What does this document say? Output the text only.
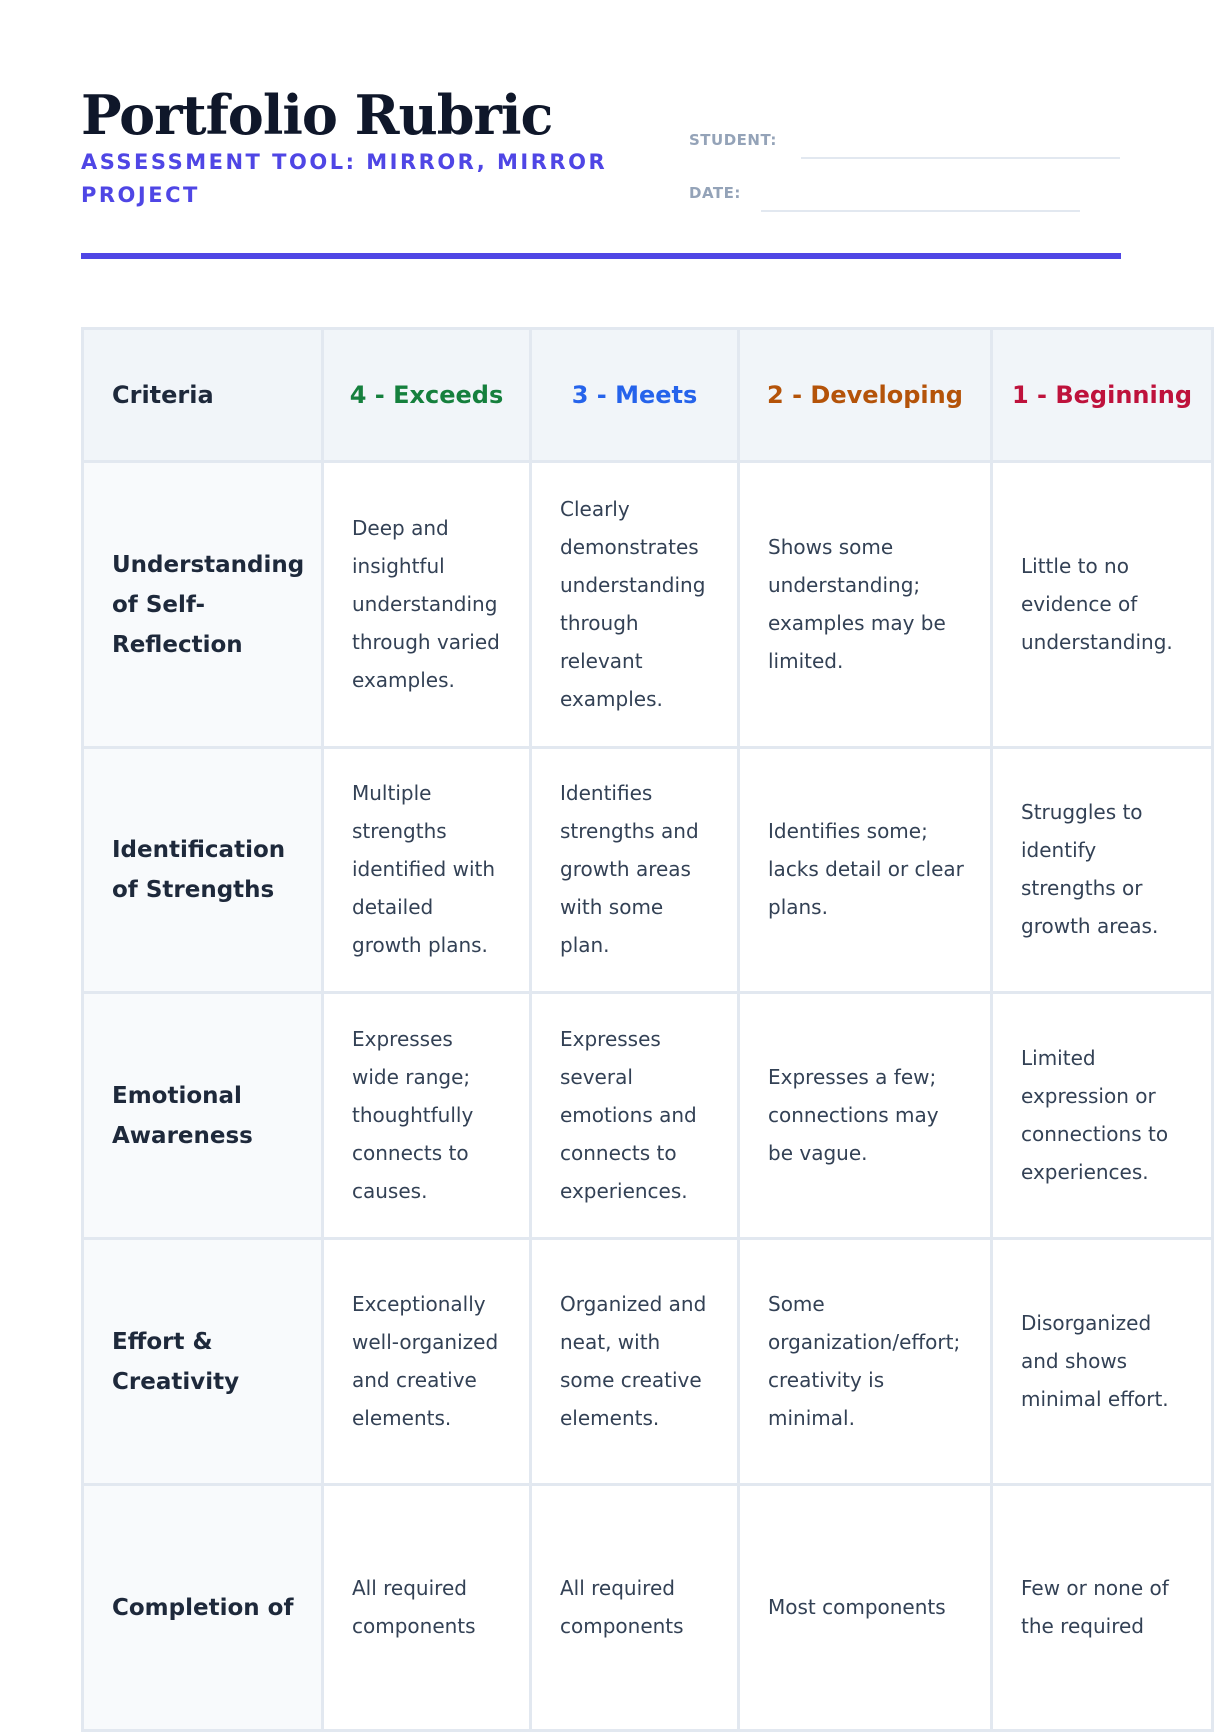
Portfolio Rubric
ASSESSMENT TOOL: MIRROR, MIRROR PROJECT
STUDENT:
DATE:
Criteria	4 - Exceeds	3 - Meets	2 - Developing	1 - Beginning
Understanding of Self-Reflection	Deep and insightful understanding through varied examples.	Clearly demonstrates understanding through relevant examples.	Shows some understanding; examples may be limited.	Little to no evidence of understanding.
Identification of Strengths	Multiple strengths identified with detailed growth plans.	Identifies strengths and growth areas with some plan.	Identifies some; lacks detail or clear plans.	Struggles to identify strengths or growth areas.
Emotional Awareness	Expresses wide range; thoughtfully connects to causes.	Expresses several emotions and connects to experiences.	Expresses a few; connections may be vague.	Limited expression or connections to experiences.
Effort & Creativity	Exceptionally well-organized and creative elements.	Organized and neat, with some creative elements.	Some organization/effort; creativity is minimal.	Disorganized and shows minimal effort.
Completion of	All required components	All required components	Most components	Few or none of the required
